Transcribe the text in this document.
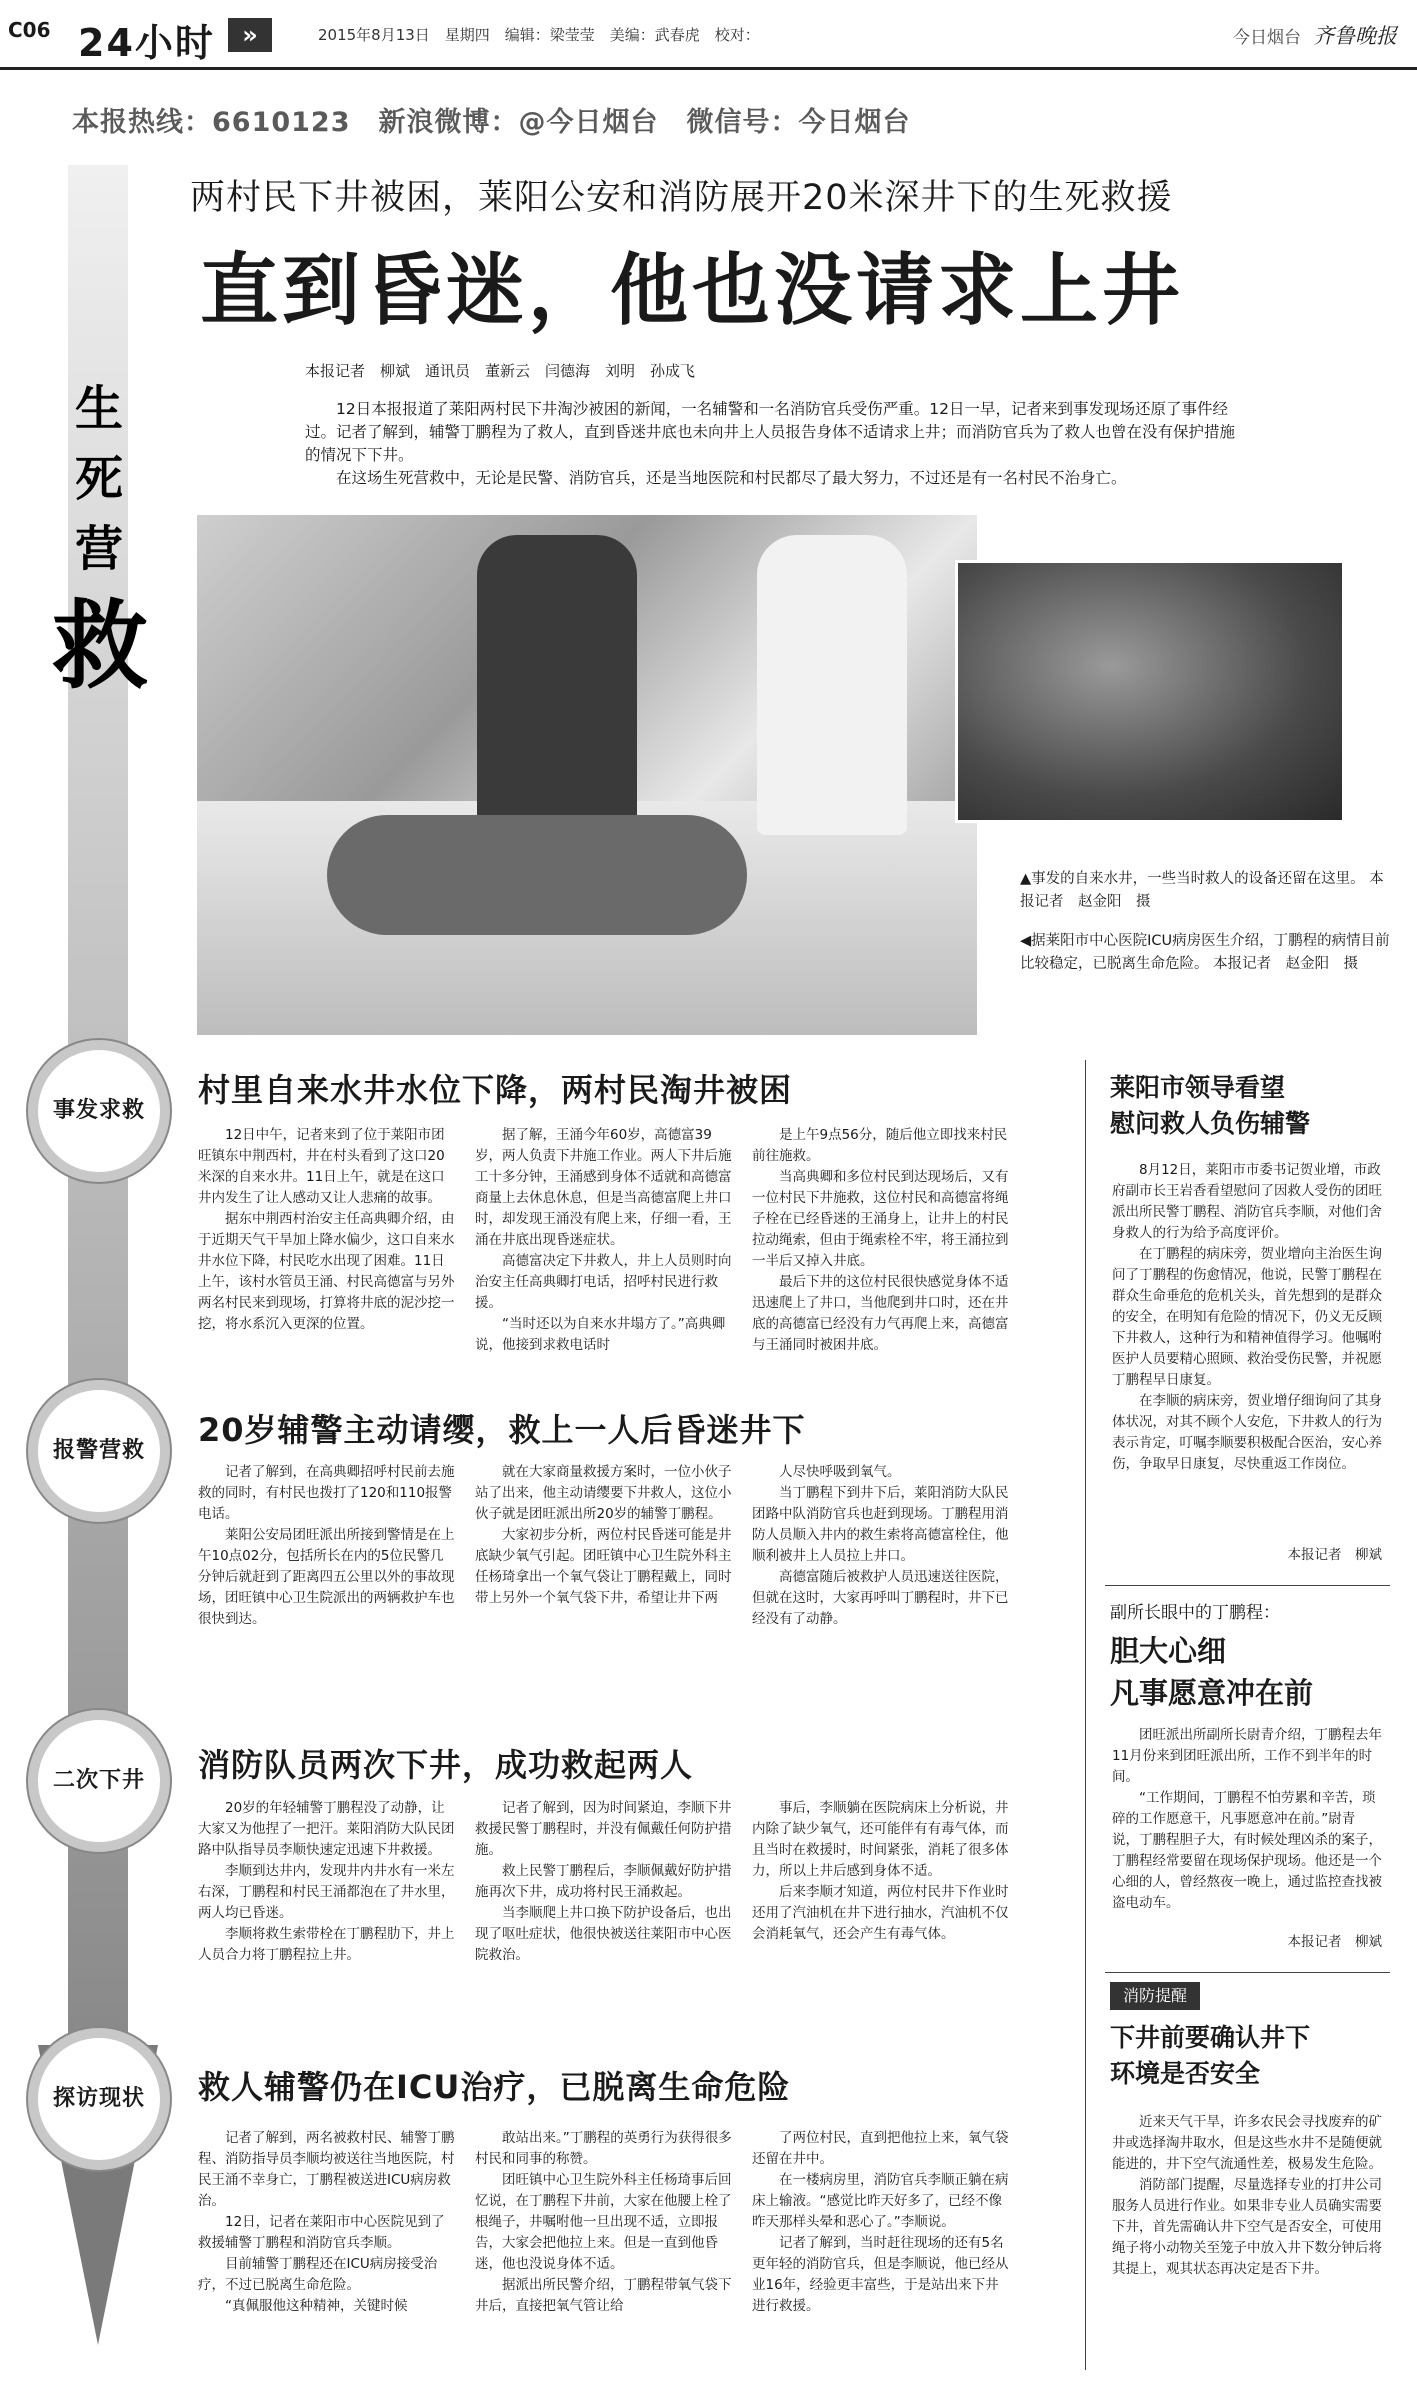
C06 24小时	»	2015年8月13日　星期四　编辑：梁莹莹　美编：武春虎　校对：	今日烟台 齐鲁晚报
本报热线：6610123　新浪微博：@今日烟台　微信号：今日烟台
生
死
营
救
事发求救
报警营救
二次下井
探访现状
两村民下井被困，莱阳公安和消防展开20米深井下的生死救援
直到昏迷，他也没请求上井
本报记者　柳斌　通讯员　董新云　闫德海　刘明　孙成飞

12日本报报道了莱阳两村民下井淘沙被困的新闻，一名辅警和一名消防官兵受伤严重。12日一早，记者来到事发现场还原了事件经过。记者了解到，辅警丁鹏程为了救人，直到昏迷井底也未向井上人员报告身体不适请求上井；而消防官兵为了救人也曾在没有保护措施的情况下下井。

在这场生死营救中，无论是民警、消防官兵，还是当地医院和村民都尽了最大努力，不过还是有一名村民不治身亡。

▲事发的自来水井，一些当时救人的设备还留在这里。 本报记者　赵金阳　摄

◀据莱阳市中心医院ICU病房医生介绍，丁鹏程的病情目前比较稳定，已脱离生命危险。 本报记者　赵金阳　摄

村里自来水井水位下降，两村民淘井被困

12日中午，记者来到了位于莱阳市团旺镇东中荆西村，井在村头看到了这口20米深的自来水井。11日上午，就是在这口井内发生了让人感动又让人悲痛的故事。

据东中荆西村治安主任高典卿介绍，由于近期天气干旱加上降水偏少，这口自来水井水位下降，村民吃水出现了困难。11日上午，该村水管员王涌、村民高德富与另外两名村民来到现场，打算将井底的泥沙挖一挖，将水系沉入更深的位置。

据了解，王涌今年60岁，高德富39岁，两人负责下井施工作业。两人下井后施工十多分钟，王涌感到身体不适就和高德富商量上去休息休息，但是当高德富爬上井口时，却发现王涌没有爬上来，仔细一看，王涌在井底出现昏迷症状。

高德富决定下井救人，井上人员则时向治安主任高典卿打电话，招呼村民进行救援。

“当时还以为自来水井塌方了。”高典卿说，他接到求救电话时

是上午9点56分，随后他立即找来村民前往施救。

当高典卿和多位村民到达现场后，又有一位村民下井施救，这位村民和高德富将绳子栓在已经昏迷的王涌身上，让井上的村民拉动绳索，但由于绳索栓不牢，将王涌拉到一半后又掉入井底。

最后下井的这位村民很快感觉身体不适迅速爬上了井口，当他爬到井口时，还在井底的高德富已经没有力气再爬上来，高德富与王涌同时被困井底。

20岁辅警主动请缨，救上一人后昏迷井下

记者了解到，在高典卿招呼村民前去施救的同时，有村民也拨打了120和110报警电话。

莱阳公安局团旺派出所接到警情是在上午10点02分，包括所长在内的5位民警几分钟后就赶到了距离四五公里以外的事故现场，团旺镇中心卫生院派出的两辆救护车也很快到达。

就在大家商量救援方案时，一位小伙子站了出来，他主动请缨要下井救人，这位小伙子就是团旺派出所20岁的辅警丁鹏程。

大家初步分析，两位村民昏迷可能是井底缺少氧气引起。团旺镇中心卫生院外科主任杨琦拿出一个氧气袋让丁鹏程戴上，同时带上另外一个氧气袋下井，希望让井下两

人尽快呼吸到氧气。

当丁鹏程下到井下后，莱阳消防大队民团路中队消防官兵也赶到现场。丁鹏程用消防人员顺入井内的救生索将高德富栓住，他顺利被井上人员拉上井口。

高德富随后被救护人员迅速送往医院，但就在这时，大家再呼叫丁鹏程时，井下已经没有了动静。

消防队员两次下井，成功救起两人

20岁的年轻辅警丁鹏程没了动静，让大家又为他捏了一把汗。莱阳消防大队民团路中队指导员李顺快速定迅速下井救援。

李顺到达井内，发现井内井水有一米左右深，丁鹏程和村民王涌都泡在了井水里，两人均已昏迷。

李顺将救生索带栓在丁鹏程肋下，井上人员合力将丁鹏程拉上井。

记者了解到，因为时间紧迫，李顺下井救援民警丁鹏程时，并没有佩戴任何防护措施。

救上民警丁鹏程后，李顺佩戴好防护措施再次下井，成功将村民王涌救起。

当李顺爬上井口换下防护设备后，也出现了呕吐症状，他很快被送往莱阳市中心医院救治。

事后，李顺躺在医院病床上分析说，井内除了缺少氧气，还可能伴有有毒气体，而且当时在救援时，时间紧张，消耗了很多体力，所以上井后感到身体不适。

后来李顺才知道，两位村民井下作业时还用了汽油机在井下进行抽水，汽油机不仅会消耗氧气，还会产生有毒气体。

救人辅警仍在ICU治疗，已脱离生命危险

记者了解到，两名被救村民、辅警丁鹏程、消防指导员李顺均被送往当地医院，村民王涌不幸身亡，丁鹏程被送进ICU病房救治。

12日，记者在莱阳市中心医院见到了救援辅警丁鹏程和消防官兵李顺。

目前辅警丁鹏程还在ICU病房接受治疗，不过已脱离生命危险。

“真佩服他这种精神，关键时候

敢站出来。”丁鹏程的英勇行为获得很多村民和同事的称赞。

团旺镇中心卫生院外科主任杨琦事后回忆说，在丁鹏程下井前，大家在他腰上栓了根绳子，井嘱咐他一旦出现不适，立即报告，大家会把他拉上来。但是一直到他昏迷，他也没说身体不适。

据派出所民警介绍，丁鹏程带氧气袋下井后，直接把氧气管让给

了两位村民，直到把他拉上来，氧气袋还留在井中。

在一楼病房里，消防官兵李顺正躺在病床上输液。“感觉比昨天好多了，已经不像昨天那样头晕和恶心了。”李顺说。

记者了解到，当时赶往现场的还有5名更年轻的消防官兵，但是李顺说，他已经从业16年，经验更丰富些，于是站出来下井进行救援。

莱阳市领导看望
慰问救人负伤辅警

8月12日，莱阳市市委书记贺业增，市政府副市长王岩香看望慰问了因救人受伤的团旺派出所民警丁鹏程、消防官兵李顺，对他们舍身救人的行为给予高度评价。

在丁鹏程的病床旁，贺业增向主治医生询问了丁鹏程的伤愈情况，他说，民警丁鹏程在群众生命垂危的危机关头，首先想到的是群众的安全，在明知有危险的情况下，仍义无反顾下井救人，这种行为和精神值得学习。他嘱咐医护人员要精心照顾、救治受伤民警，并祝愿丁鹏程早日康复。

在李顺的病床旁，贺业增仔细询问了其身体状况，对其不顾个人安危，下井救人的行为表示肯定，叮嘱李顺要积极配合医治，安心养伤，争取早日康复，尽快重返工作岗位。

本报记者　柳斌
副所长眼中的丁鹏程：
胆大心细
凡事愿意冲在前

团旺派出所副所长尉青介绍，丁鹏程去年11月份来到团旺派出所，工作不到半年的时间。

“工作期间，丁鹏程不怕劳累和辛苦，琐碎的工作愿意干，凡事愿意冲在前。”尉青说，丁鹏程胆子大，有时候处理凶杀的案子，丁鹏程经常要留在现场保护现场。他还是一个心细的人，曾经熬夜一晚上，通过监控查找被盗电动车。

本报记者　柳斌
消防提醒
下井前要确认井下
环境是否安全

近来天气干旱，许多农民会寻找废弃的矿井或选择淘井取水，但是这些水井不是随便就能进的，井下空气流通性差，极易发生危险。

消防部门提醒，尽量选择专业的打井公司服务人员进行作业。如果非专业人员确实需要下井，首先需确认井下空气是否安全，可使用绳子将小动物关至笼子中放入井下数分钟后将其提上，观其状态再决定是否下井。
